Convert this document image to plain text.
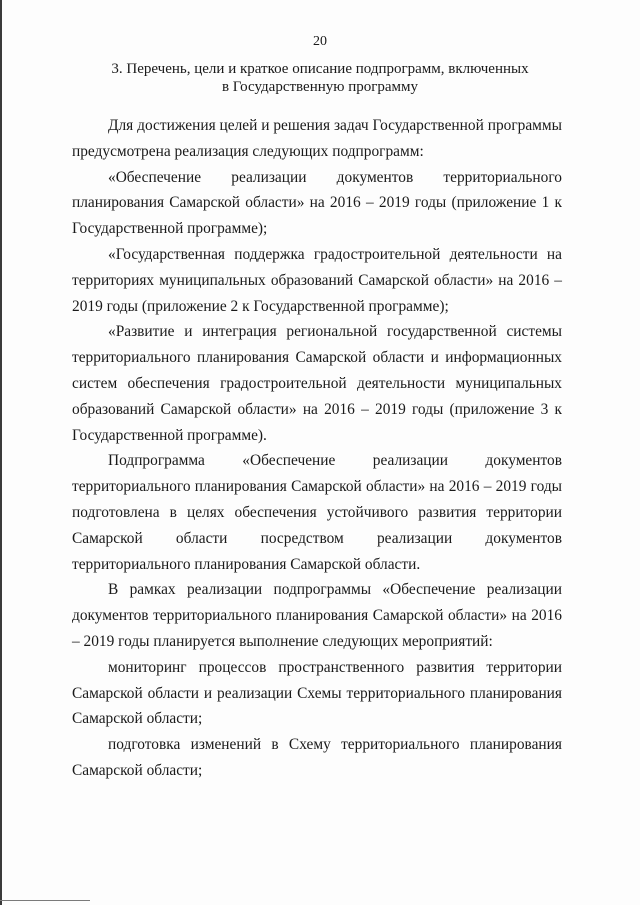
20
3. Перечень, цели и краткое описание подпрограмм, включенных
в Государственную программу

Для достижения целей и решения задач Государственной программы предусмотрена реализация следующих подпрограмм:

«Обеспечение реализации документов территориального планирования Самарской области» на 2016 – 2019 годы (приложение 1 к Государственной программе);

«Государственная поддержка градостроительной деятельности на территориях муниципальных образований Самарской области» на 2016 – 2019 годы (приложение 2 к Государственной программе);

«Развитие и интеграция региональной государственной системы территориального планирования Самарской области и информационных систем обеспечения градостроительной деятельности муниципальных образований Самарской области» на 2016 – 2019 годы (приложение 3 к Государственной программе).

Подпрограмма «Обеспечение реализации документов территориального планирования Самарской области» на 2016 – 2019 годы подготовлена в целях обеспечения устойчивого развития территории Самарской области посредством реализации документов территориального планирования Самарской области.

В рамках реализации подпрограммы «Обеспечение реализации документов территориального планирования Самарской области» на 2016 – 2019 годы планируется выполнение следующих мероприятий:

мониторинг процессов пространственного развития территории Самарской области и реализации Схемы территориального планирования Самарской области;

подготовка изменений в Схему территориального планирования Самарской области;
